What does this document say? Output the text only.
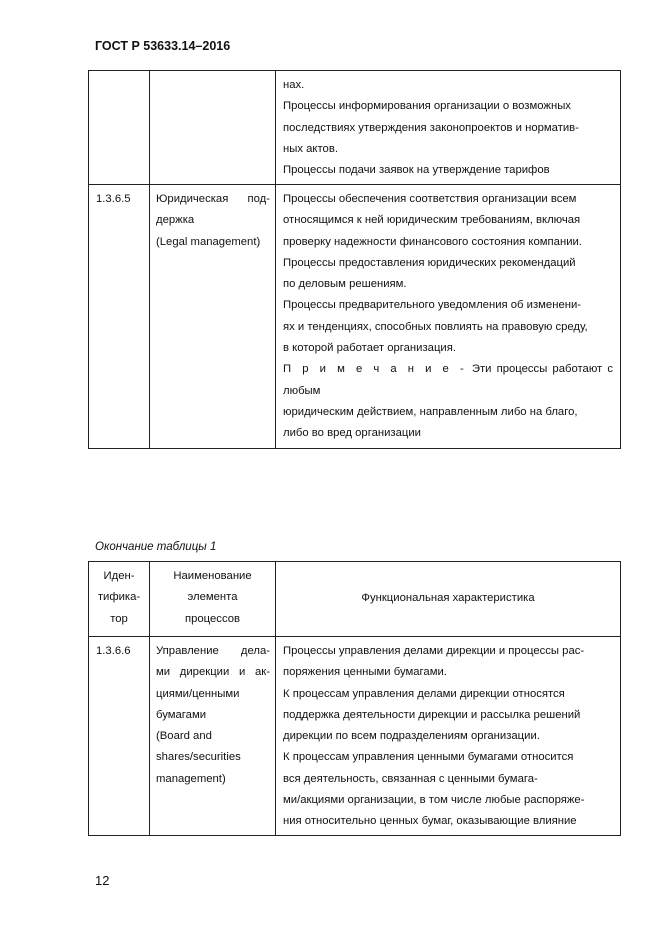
ГОСТ Р 53633.14–2016

нах.

Процессы информирования организации о возможных

последствиях утверждения законопроектов и норматив-

ных актов.

Процессы подачи заявок на утверждение тарифов

1.3.6.5	Юридическая под-

держка

(Legal management)

Процессы обеспечения соответствия организации всем

относящимся к ней юридическим требованиям, включая

проверку надежности финансового состояния компании.

Процессы предоставления юридических рекомендаций

по деловым решениям.

Процессы предварительного уведомления об изменени-

ях и тенденциях, способных повлиять на правовую среду,

в которой работает организация.

П р и м е ч а н и е - Эти процессы работают с любым

юридическим действием, направленным либо на благо,

либо во вред организации

Окончание таблицы 1
Иден-
тифика-
тор
Наименование
элемента
процессов
Функциональная характеристика
1.3.6.6	Управление дела-

ми дирекции и ак-

циями/ценными

бумагами

(Board and

shares/securities

management)

Процессы управления делами дирекции и процессы рас-

поряжения ценными бумагами.

К процессам управления делами дирекции относятся

поддержка деятельности дирекции и рассылка решений

дирекции по всем подразделениям организации.

К процессам управления ценными бумагами относится

вся деятельность, связанная с ценными бумага-

ми/акциями организации, в том числе любые распоряже-

ния относительно ценных бумаг, оказывающие влияние

12
